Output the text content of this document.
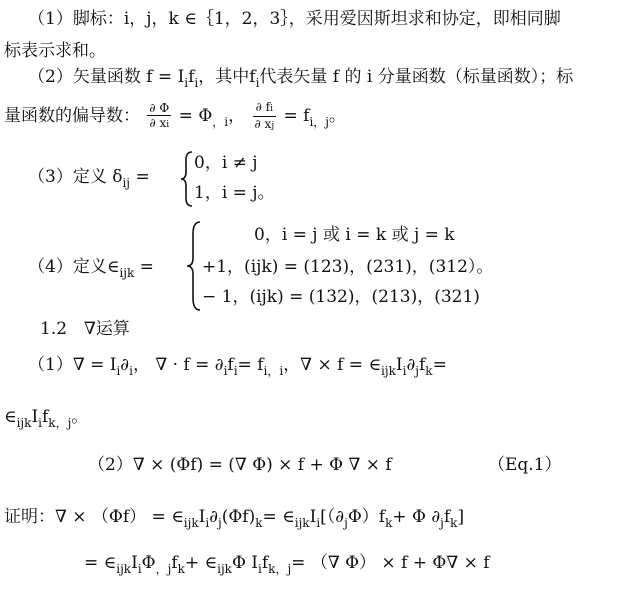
（1）脚标：i，j，k ∈｛1，2，3｝，采用爱因斯坦求和协定，即相同脚
标表示求和。
（2）矢量函数 $f = I_if_i$，其中$f_i$代表矢量 f 的 i 分量函数（标量函数）；标
量函数的偏导数： $\frac{\partial \Phi}{\partial xi} = \Phi_{,i}$， $\frac{\partial fi}{\partial xj} = f_{i,j}$。
（3）定义 $\delta_{ij}$ =
0，i ≠ j
1，i = j。
（4）定义$\in_{ijk}$ =
0，i = j 或 i = k 或 j = k
+1，(ijk) = (123)，(231)，(312）。
− 1，(ijk) = (132)，(213)，(321)
1.2　∇运算
$(1)\nabla = I_i\partial_i$， ∇ · $f = \partial_if_i= f_{i,i}$，∇ × $f = \in_{ijk}I_i\partial_jf_k=$
$\in_{ijk}I_if_{k,j}$。
（2）∇ × (Φf) = (∇ Φ) × f + Φ ∇ × f	（Eq.1）
证明：∇ × $(\Phi f) = \in_{ijk}I_i\partial_j(\Phi f)_k=$ $\in_{ijk}I_i[(\partial_j\Phi)f_k+ \Phi$ $\partial_jf_k$]
= $\in_{ijk}I_i\Phi_{,j}f_k+$ $\in_{ijk}\Phi$ $I_if_{k,j}=$ （∇ Φ） × f + Φ∇ × f
